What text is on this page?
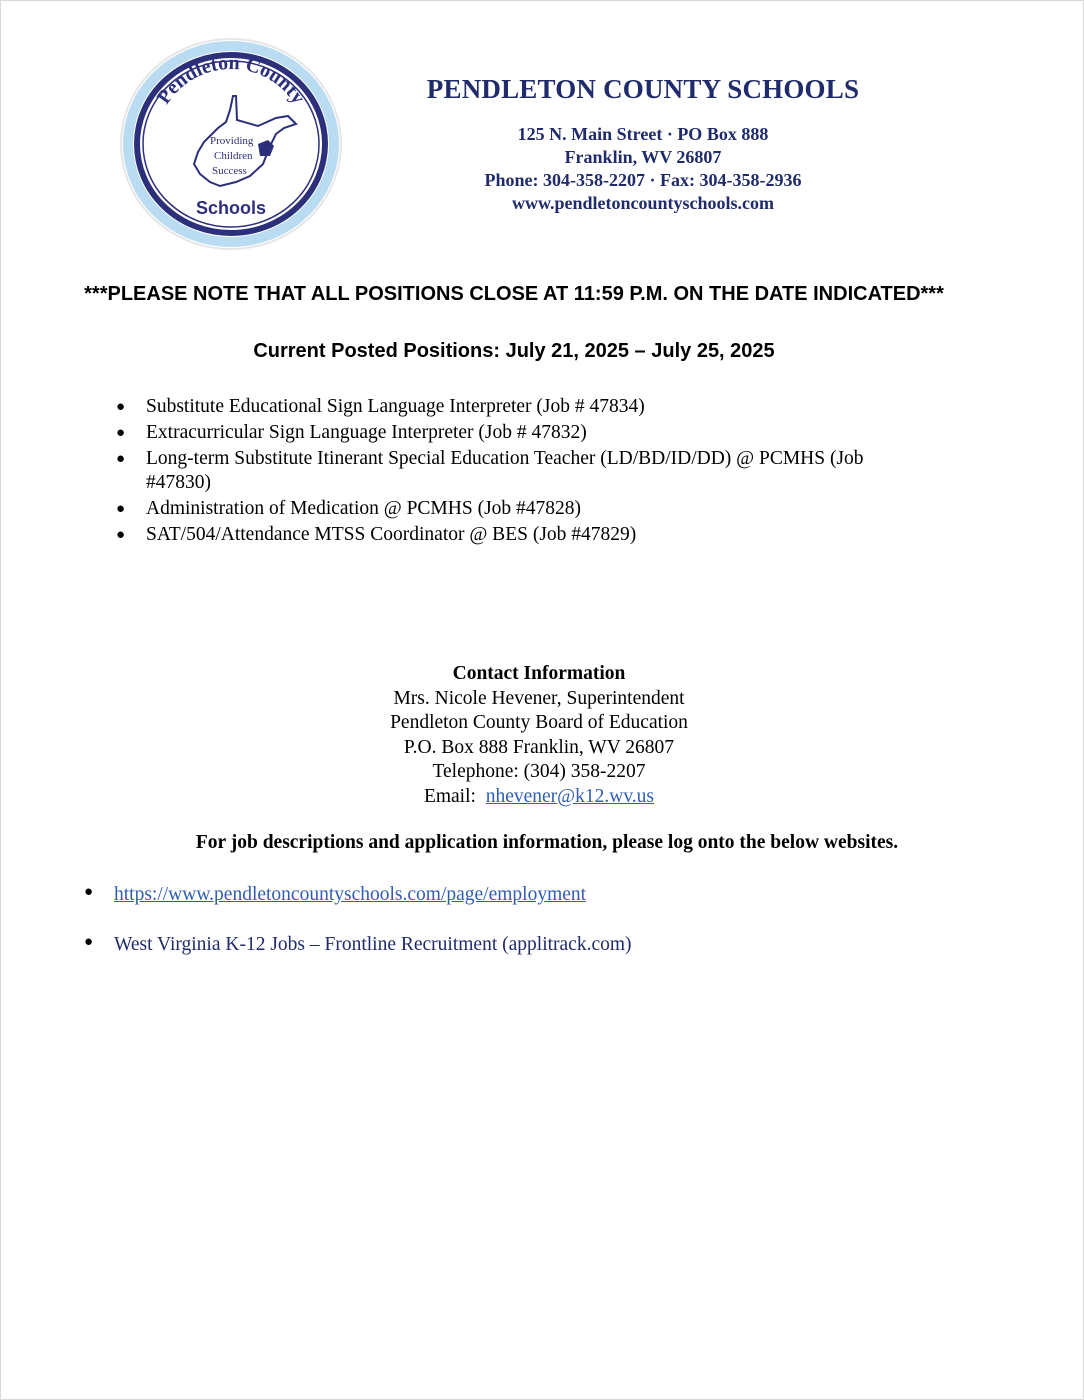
Pendleton County
Schools
Providing
Children
Success
PENDLETON COUNTY SCHOOLS
125 N. Main Street · PO Box 888
Franklin, WV 26807
Phone: 304-358-2207 · Fax: 304-358-2936
www.pendletoncountyschools.com
***PLEASE NOTE THAT ALL POSITIONS CLOSE AT 11:59 P.M. ON THE DATE INDICATED***
Current Posted Positions: July 21, 2025 – July 25, 2025
● Substitute Educational Sign Language Interpreter (Job # 47834)
● Extracurricular Sign Language Interpreter (Job # 47832)
● Long-term Substitute Itinerant Special Education Teacher (LD/BD/ID/DD) @ PCMHS (Job #47830)
● Administration of Medication @ PCMHS (Job #47828)
● SAT/504/Attendance MTSS Coordinator @ BES (Job #47829)
Contact Information
Mrs. Nicole Hevener, Superintendent
Pendleton County Board of Education
P.O. Box 888 Franklin, WV 26807
Telephone: (304) 358-2207
Email: nhevener@k12.wv.us
For job descriptions and application information, please log onto the below websites.
● https://www.pendletoncountyschools.com/page/employment
● West Virginia K-12 Jobs – Frontline Recruitment (applitrack.com)
